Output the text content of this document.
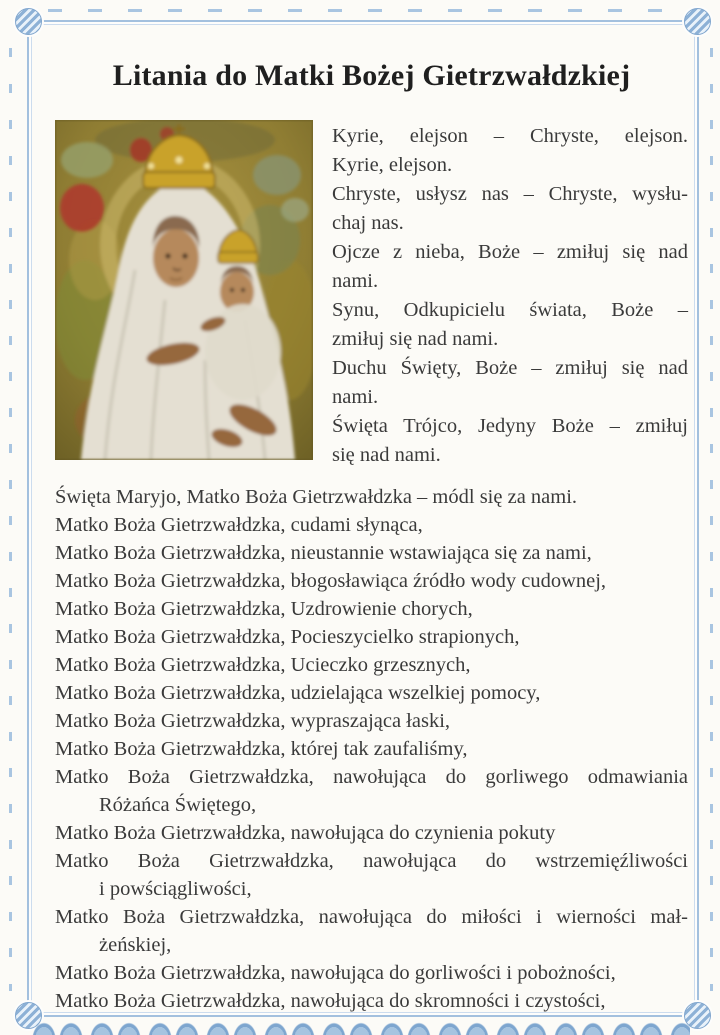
Litania do Matki Bożej Gietrzwałdzkiej
Kyrie, elejson – Chryste, elejson.
Kyrie, elejson.
Chryste, usłysz nas – Chryste, wysłu-
chaj nas.
Ojcze z nieba, Boże – zmiłuj się nad
nami.
Synu, Odkupicielu świata, Boże –
zmiłuj się nad nami.
Duchu Święty, Boże – zmiłuj się nad
nami.
Święta Trójco, Jedyny Boże – zmiłuj
się nad nami.
Święta Maryjo, Matko Boża Gietrzwałdzka – módl się za nami.
Matko Boża Gietrzwałdzka, cudami słynąca,
Matko Boża Gietrzwałdzka, nieustannie wstawiająca się za nami,
Matko Boża Gietrzwałdzka, błogosławiąca źródło wody cudownej,
Matko Boża Gietrzwałdzka, Uzdrowienie chorych,
Matko Boża Gietrzwałdzka, Pocieszycielko strapionych,
Matko Boża Gietrzwałdzka, Ucieczko grzesznych,
Matko Boża Gietrzwałdzka, udzielająca wszelkiej pomocy,
Matko Boża Gietrzwałdzka, wypraszająca łaski,
Matko Boża Gietrzwałdzka, której tak zaufaliśmy,
Matko Boża Gietrzwałdzka, nawołująca do gorliwego odmawiania
Różańca Świętego,
Matko Boża Gietrzwałdzka, nawołująca do czynienia pokuty
Matko Boża Gietrzwałdzka, nawołująca do wstrzemięźliwości
i powściągliwości,
Matko Boża Gietrzwałdzka, nawołująca do miłości i wierności mał-
żeńskiej,
Matko Boża Gietrzwałdzka, nawołująca do gorliwości i pobożności,
Matko Boża Gietrzwałdzka, nawołująca do skromności i czystości,
